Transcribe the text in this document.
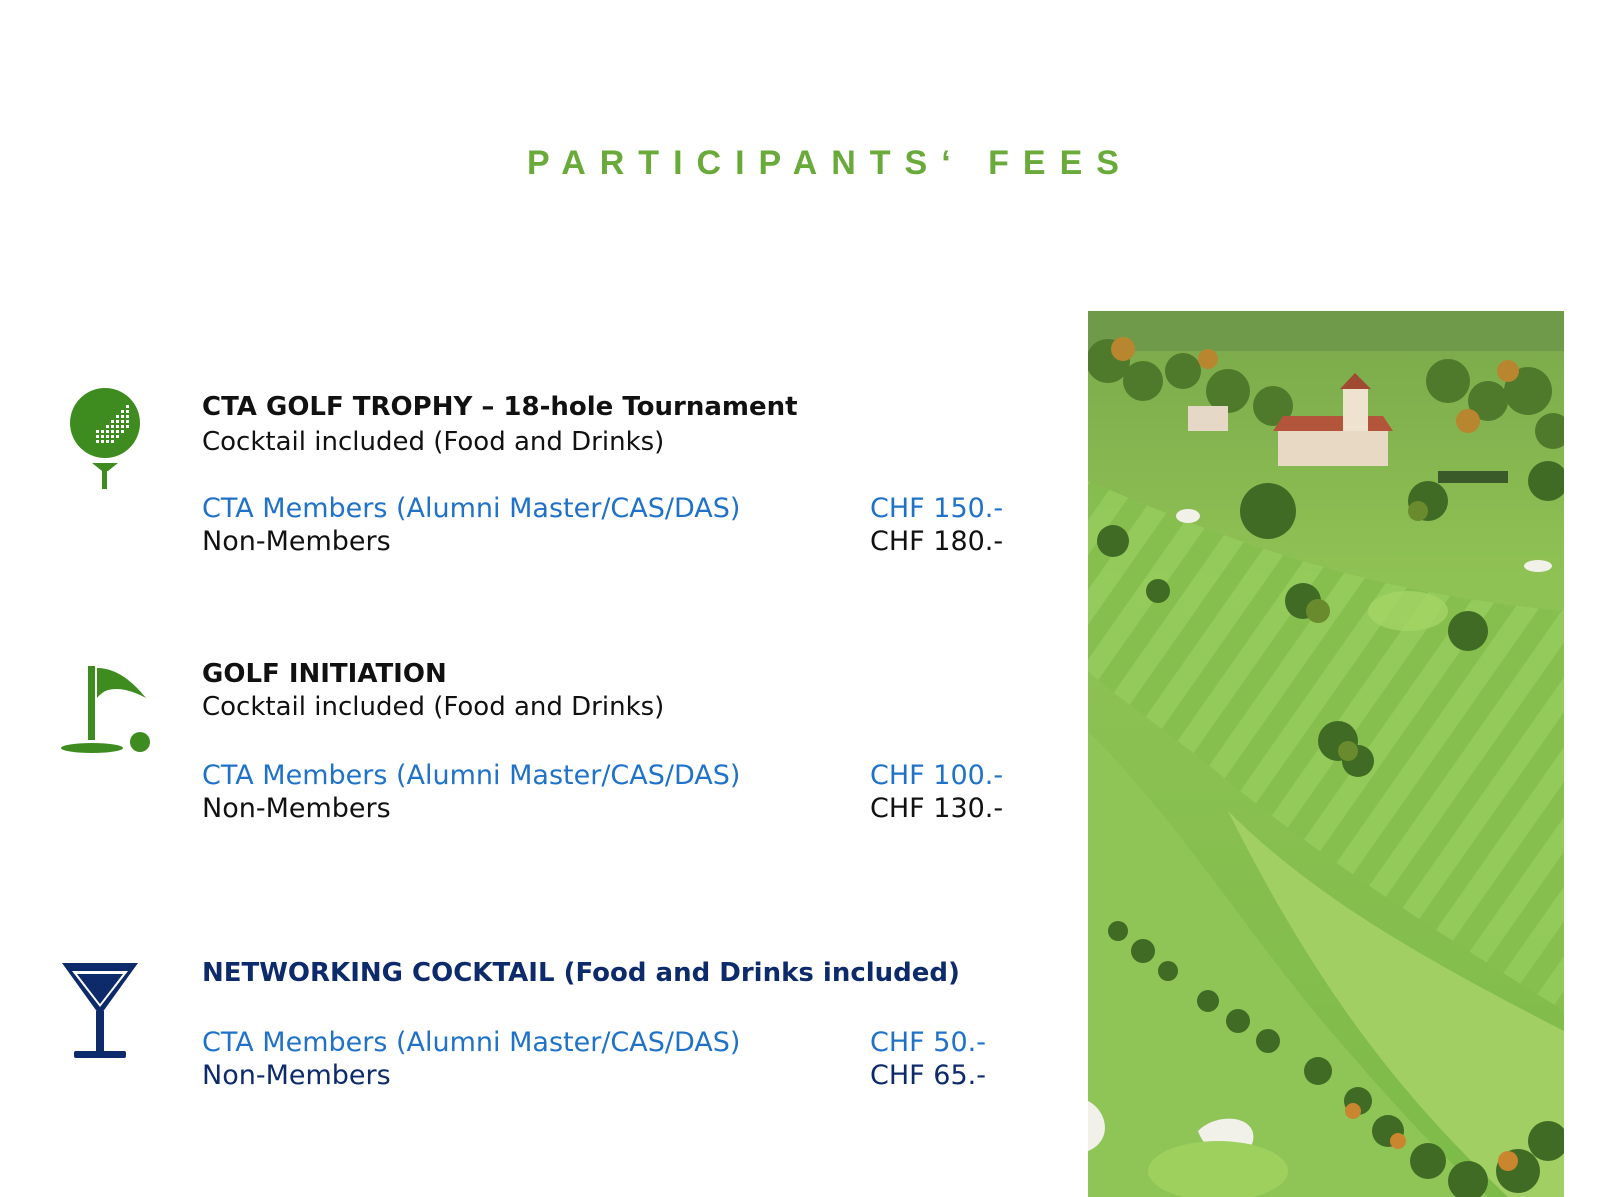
PARTICIPANTS‘ FEES
CTA GOLF TROPHY – 18-hole Tournament
Cocktail included (Food and Drinks)
CTA Members (Alumni Master/CAS/DAS)	CHF 150.-
Non-Members	CHF 180.-
GOLF INITIATION
Cocktail included (Food and Drinks)
CTA Members (Alumni Master/CAS/DAS)	CHF 100.-
Non-Members	CHF 130.-
NETWORKING COCKTAIL (Food and Drinks included)
CTA Members (Alumni Master/CAS/DAS)	CHF 50.-
Non-Members	CHF 65.-
